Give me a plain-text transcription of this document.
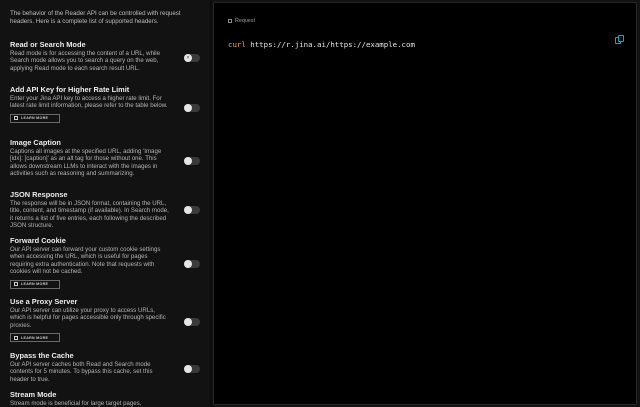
The behavior of the Reader API can be controlled with request headers. Here is a complete list of supported headers.
Read or Search Mode
Read mode is for accessing the content of a URL, while Search mode allows you to search a query on the web, applying Read mode to each search result URL.
×
Add API Key for Higher Rate Limit
Enter your Jina API key to access a higher rate limit. For latest rate limit information, please refer to the table below.
LEARN MORE
Image Caption
Captions all images at the specified URL, adding 'Image [idx]: [caption]' as an alt tag for those without one. This allows downstream LLMs to interact with the images in activities such as reasoning and summarizing.
JSON Response
The response will be in JSON format, containing the URL, title, content, and timestamp (if available). In Search mode, it returns a list of five entries, each following the described JSON structure.
Forward Cookie
Our API server can forward your custom cookie settings when accessing the URL, which is useful for pages requiring extra authentication. Note that requests with cookies will not be cached.
LEARN MORE
Use a Proxy Server
Our API server can utilize your proxy to access URLs, which is helpful for pages accessible only through specific proxies.
LEARN MORE
Bypass the Cache
Our API server caches both Read and Search mode contents for 5 minutes. To bypass this cache, set this header to true.
Stream Mode
Stream mode is beneficial for large target pages,
Request
curl https://r.jina.ai/https://example.com
